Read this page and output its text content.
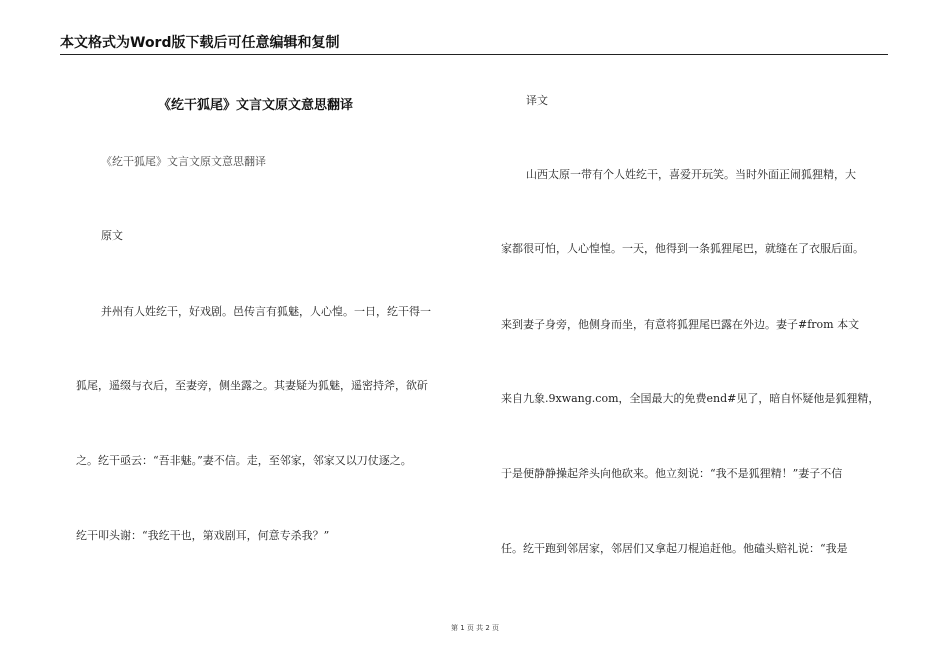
本文格式为Word版下载后可任意编辑和复制
《纥干狐尾》文言文原文意思翻译
《纥干狐尾》文言文原文意思翻译
原文
并州有人姓纥干，好戏剧。邑传言有狐魅，人心惶。一日，纥干得一
狐尾，遥缀与衣后，至妻旁，侧坐露之。其妻疑为狐魅，遥密持斧，欲斫
之。纥干亟云：“吾非魅。”妻不信。走，至邻家，邻家又以刀仗逐之。
纥干叩头谢：“我纥干也，第戏剧耳，何意专杀我？”
译文
山西太原一带有个人姓纥干，喜爱开玩笑。当时外面正闹狐狸精，大
家都很可怕，人心惶惶。一天，他得到一条狐狸尾巴，就缝在了衣服后面。
来到妻子身旁，他侧身而坐，有意将狐狸尾巴露在外边。妻子#from 本文
来自九象.9xwang.com，全国最大的免费end#见了，暗自怀疑他是狐狸精，
于是便静静操起斧头向他砍来。他立刻说：“我不是狐狸精！”妻子不信
任。纥干跑到邻居家，邻居们又拿起刀棍追赶他。他磕头赔礼说：“我是
第 1 页 共 2 页
